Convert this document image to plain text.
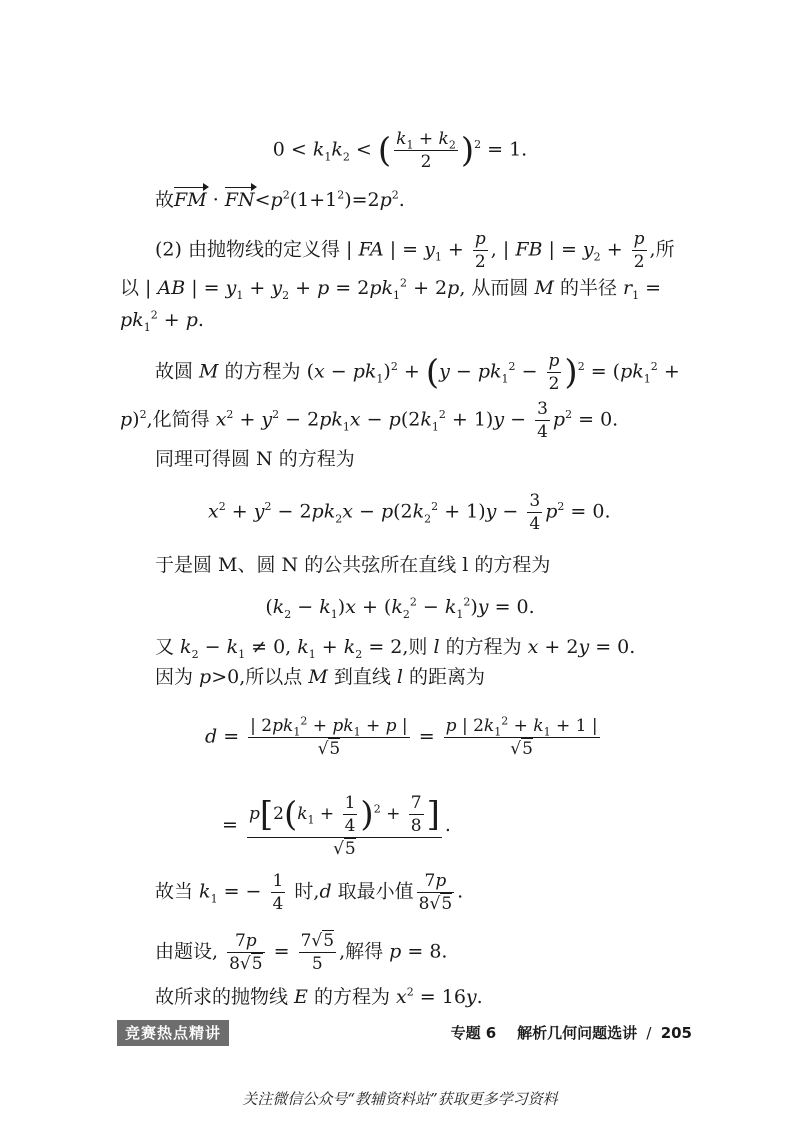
$0 < k_1k_2$ < ( $\frac{k_1 + k_2}{2} )^2 = 1$.
故FM · $FN<p^2(1+1^2)=2p^2$.
(2) 由抛物线的定义得 | FA | = $y_1 + \frac{p}{2}$ , | FB | = $y_2 + \frac{p}{2}$ ,所
以 | AB | = $y_1 + y_2 + p = 2pk_1^2 + 2p$, 从而圆 M 的半径 $r_1$ =
$pk_1^2 + p$.
故圆 M 的方程为 $(x - pk_1)^2 + (y - pk_1^2 - \frac{p}{2} )^2 = (pk_1^2$ +
p)$^2$,化简得 $x^2 + y^2 - 2pk_1x - p(2k_1^2 + 1)y - \frac{3}{4} p^2 = 0$.
同理可得圆 N 的方程为
$x^2 + y^2 - 2pk_2x - p(2k_2^2 + 1)y - \frac{3}{4} p^2 = 0$.
于是圆 M、圆 N 的公共弦所在直线 l 的方程为
$(k_2 - k_1)x + (k_2^2 - k_1^2)y = 0$.
又 $k_2 - k_1 \ne 0$, $k_1 + k_2 = 2$,则 l 的方程为 x + 2y = 0.
因为 p>0,所以点 M 到直线 l 的距离为
$d = \frac{| 2pk_1^2 + pk_1 + p |}{√5} = \frac{p | 2k_1^2 + k_1 + 1 |}{√5}$
= $\frac{p[2(k_1 + \frac{1}{4} )^2 + \frac{7}{8} ]}{√5}$ .
故当 $k_1$ = − $\frac{1}{4}$ 时,d 取最小值 $\frac{7p}{8√5}$ .
由题设, $\frac{7p}{8√5} = \frac{7√5}{5}$ ,解得 p = 8.
故所求的抛物线 E 的方程为 $x^2 = 16y$.
竞赛热点精讲	专题 6 解析几何问题选讲 / 205
关注微信公众号“教辅资料站”获取更多学习资料
